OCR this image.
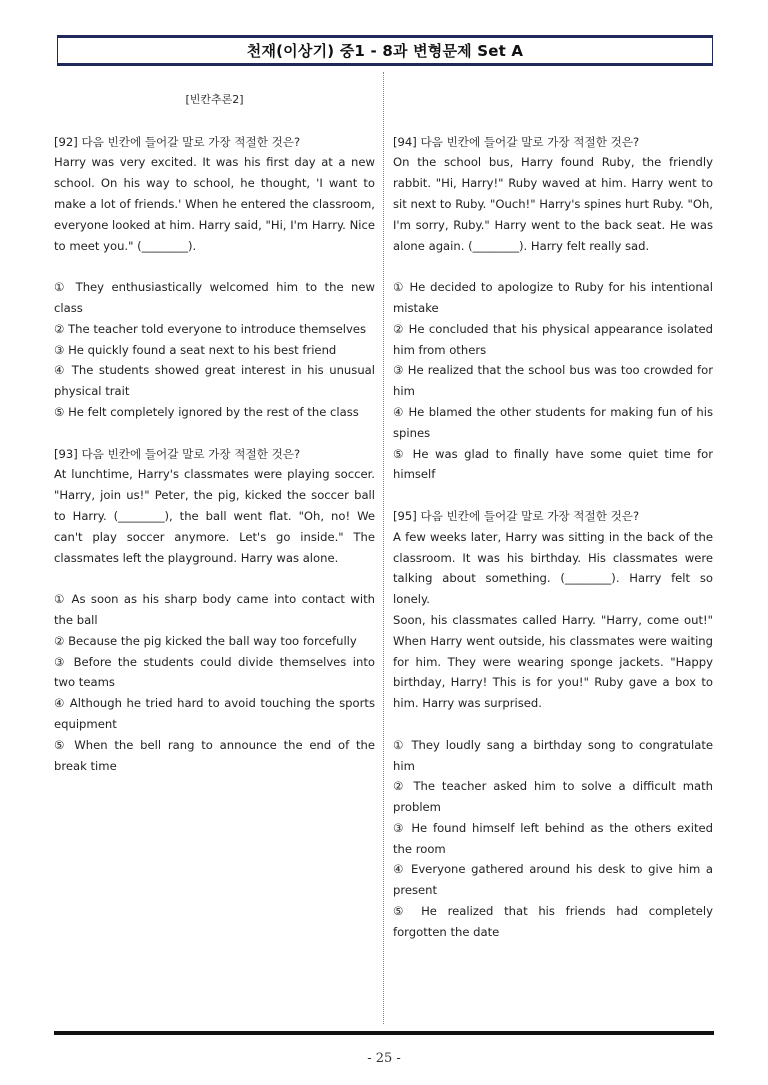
천재(이상기) 중1 - 8과 변형문제 Set A
[빈칸추론2]

[92] 다음 빈칸에 들어갈 말로 가장 적절한 것은?

Harry was very excited. It was his first day at a new school. On his way to school, he thought, 'I want to make a lot of friends.' When he entered the classroom, everyone looked at him. Harry said, "Hi, I'm Harry. Nice to meet you." (________).

① They enthusiastically welcomed him to the new class

② The teacher told everyone to introduce themselves

③ He quickly found a seat next to his best friend

④ The students showed great interest in his unusual physical trait

⑤ He felt completely ignored by the rest of the class

[93] 다음 빈칸에 들어갈 말로 가장 적절한 것은?

At lunchtime, Harry's classmates were playing soccer. "Harry, join us!" Peter, the pig, kicked the soccer ball to Harry. (________), the ball went flat. "Oh, no! We can't play soccer anymore. Let's go inside." The classmates left the playground. Harry was alone.

① As soon as his sharp body came into contact with the ball

② Because the pig kicked the ball way too forcefully

③ Before the students could divide themselves into two teams

④ Although he tried hard to avoid touching the sports equipment

⑤ When the bell rang to announce the end of the break time

[94] 다음 빈칸에 들어갈 말로 가장 적절한 것은?

On the school bus, Harry found Ruby, the friendly rabbit. "Hi, Harry!" Ruby waved at him. Harry went to sit next to Ruby. "Ouch!" Harry's spines hurt Ruby. "Oh, I'm sorry, Ruby." Harry went to the back seat. He was alone again. (________). Harry felt really sad.

① He decided to apologize to Ruby for his intentional mistake

② He concluded that his physical appearance isolated him from others

③ He realized that the school bus was too crowded for him

④ He blamed the other students for making fun of his spines

⑤ He was glad to finally have some quiet time for himself

[95] 다음 빈칸에 들어갈 말로 가장 적절한 것은?

A few weeks later, Harry was sitting in the back of the classroom. It was his birthday. His classmates were talking about something. (________). Harry felt so lonely.

Soon, his classmates called Harry. "Harry, come out!" When Harry went outside, his classmates were waiting for him. They were wearing sponge jackets. "Happy birthday, Harry! This is for you!" Ruby gave a box to him. Harry was surprised.

① They loudly sang a birthday song to congratulate him

② The teacher asked him to solve a difficult math problem

③ He found himself left behind as the others exited the room

④ Everyone gathered around his desk to give him a present

⑤ He realized that his friends had completely forgotten the date

- 25 -
